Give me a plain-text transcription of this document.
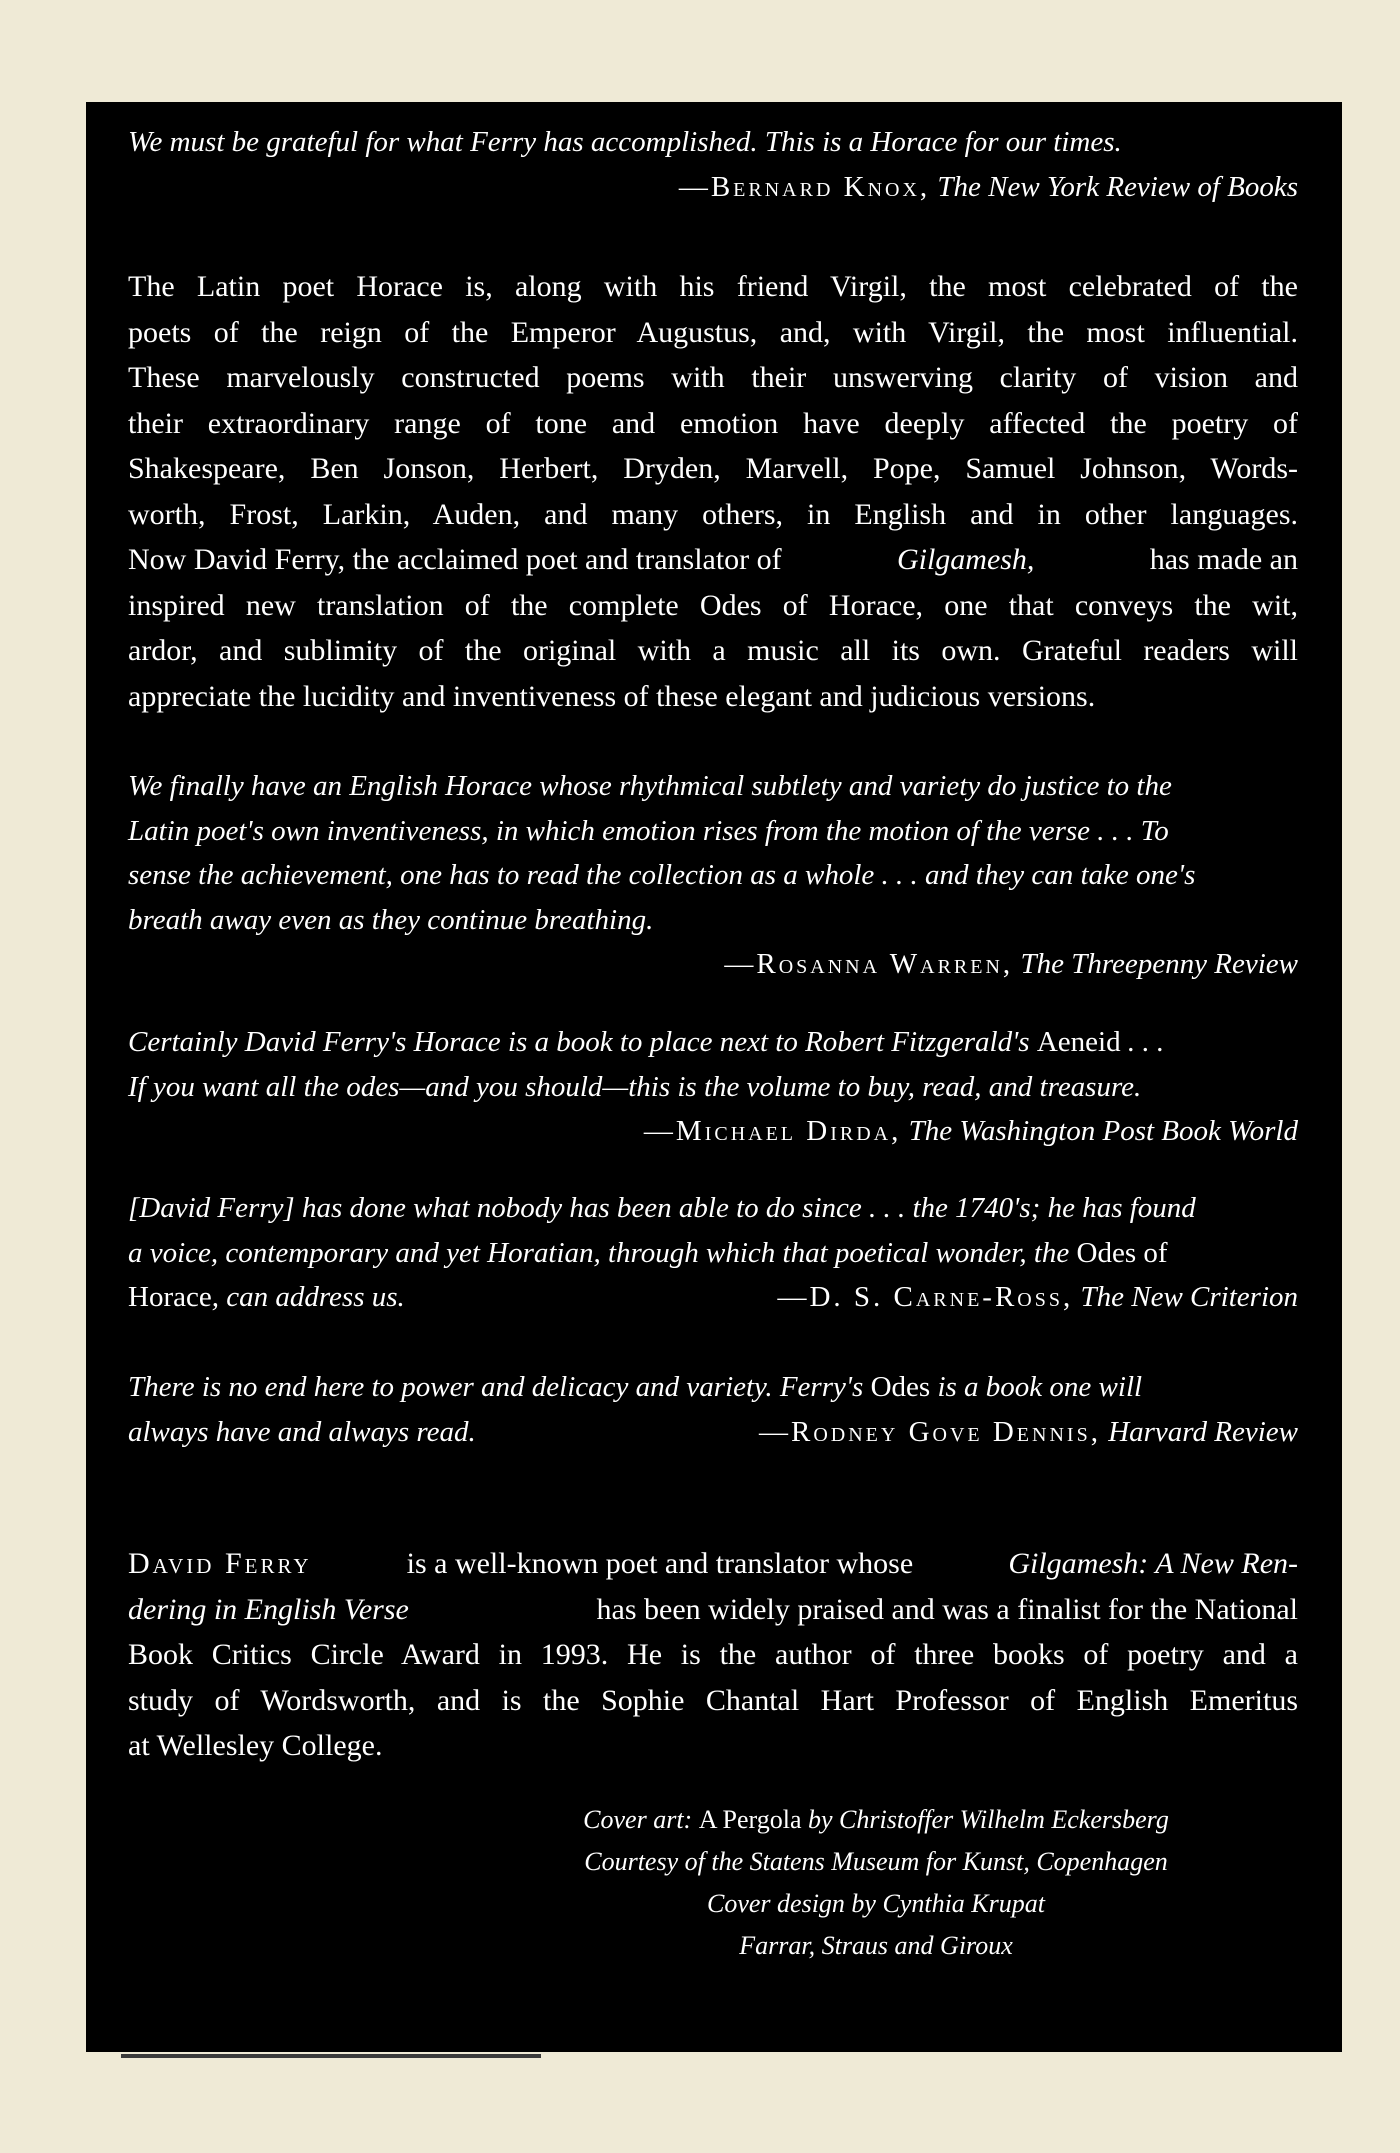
We must be grateful for what Ferry has accomplished. This is a Horace for our times.
—Bernard Knox, The New York Review of Books
The Latin poet Horace is, along with his friend Virgil, the most celebrated of the
poets of the reign of the Emperor Augustus, and, with Virgil, the most influential.
These marvelously constructed poems with their unswerving clarity of vision and
their extraordinary range of tone and emotion have deeply affected the poetry of
Shakespeare, Ben Jonson, Herbert, Dryden, Marvell, Pope, Samuel Johnson, Words-
worth, Frost, Larkin, Auden, and many others, in English and in other languages.
Now David Ferry, the acclaimed poet and translator of	Gilgamesh,	has made an
inspired new translation of the complete Odes of Horace, one that conveys the wit,
ardor, and sublimity of the original with a music all its own. Grateful readers will
appreciate the lucidity and inventiveness of these elegant and judicious versions.
We finally have an English Horace whose rhythmical subtlety and variety do justice to the
Latin poet's own inventiveness, in which emotion rises from the motion of the verse . . . To
sense the achievement, one has to read the collection as a whole . . . and they can take one's
breath away even as they continue breathing.
—Rosanna Warren, The Threepenny Review
Certainly David Ferry's Horace is a book to place next to Robert Fitzgerald's Aeneid . . .
If you want all the odes—and you should—this is the volume to buy, read, and treasure.
—Michael Dirda, The Washington Post Book World
[David Ferry] has done what nobody has been able to do since . . . the 1740's; he has found
a voice, contemporary and yet Horatian, through which that poetical wonder, the Odes of
Horace, can address us.	—D. S. Carne-Ross, The New Criterion
There is no end here to power and delicacy and variety. Ferry's Odes is a book one will
always have and always read.	—Rodney Gove Dennis, Harvard Review
David Ferry	is a well-known poet and translator whose	Gilgamesh: A New Ren-
dering in English Verse	has been widely praised and was a finalist for the National
Book Critics Circle Award in 1993. He is the author of three books of poetry and a
study of Wordsworth, and is the Sophie Chantal Hart Professor of English Emeritus
at Wellesley College.
Cover art: A Pergola by Christoffer Wilhelm Eckersberg
Courtesy of the Statens Museum for Kunst, Copenhagen
Cover design by Cynthia Krupat
Farrar, Straus and Giroux
